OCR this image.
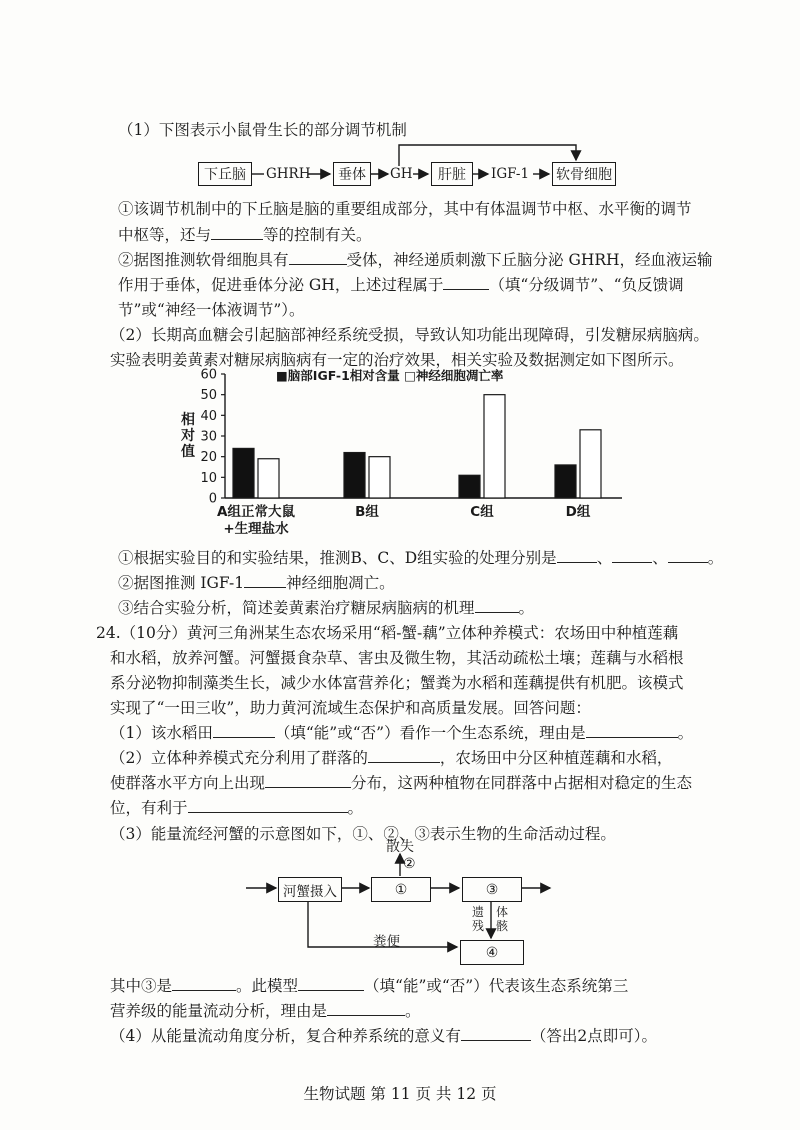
（1）下图表示小鼠骨生长的部分调节机制
下丘脑	GHRH	垂体	GH	肝脏	IGF-1 软骨细胞
①该调节机制中的下丘脑是脑的重要组成部分，其中有体温调节中枢、水平衡的调节
中枢等，还与	等的控制有关。
②据图推测软骨细胞具有	受体，神经递质刺激下丘脑分泌 GHRH，经血液运输
作用于垂体，促进垂体分泌 GH，上述过程属于	（填“分级调节”、“负反馈调
节”或“神经一体液调节”）。
（2）长期高血糖会引起脑部神经系统受损，导致认知功能出现障碍，引发糖尿病脑病。
实验表明姜黄素对糖尿病脑病有一定的治疗效果，相关实验及数据测定如下图所示。
0
10
20
30
40
50
60
相
对
值
■脑部IGF-1相对含量 □神经细胞凋亡率
A组正常大鼠
+生理盐水
B组	C组	D组
①根据实验目的和实验结果，推测B、C、D组实验的处理分别是	、	、	。
②据图推测 IGF-1	神经细胞凋亡。
③结合实验分析，简述姜黄素治疗糖尿病脑病的机理	。
24.（10分）黄河三角洲某生态农场采用“稻-蟹-藕”立体种养模式：农场田中种植莲藕
和水稻，放养河蟹。河蟹摄食杂草、害虫及微生物，其活动疏松土壤；莲藕与水稻根
系分泌物抑制藻类生长，减少水体富营养化；蟹粪为水稻和莲藕提供有机肥。该模式
实现了“一田三收”，助力黄河流域生态保护和高质量发展。回答问题：
（1）该水稻田	（填“能”或“否”）看作一个生态系统，理由是	。
（2）立体种养模式充分利用了群落的	，农场田中分区种植莲藕和水稻，
使群落水平方向上出现	分布，这两种植物在同群落中占据相对稳定的生态
位，有利于	。
（3）能量流经河蟹的示意图如下，①、②、③表示生物的生命活动过程。
散失
②
河蟹摄入	①	③
遗残
体骸
粪便
④
其中③是	。此模型	（填“能”或“否”）代表该生态系统第三
营养级的能量流动分析，理由是	。
（4）从能量流动角度分析，复合种养系统的意义有	（答出2点即可）。
生物试题 第 11 页 共 12 页
